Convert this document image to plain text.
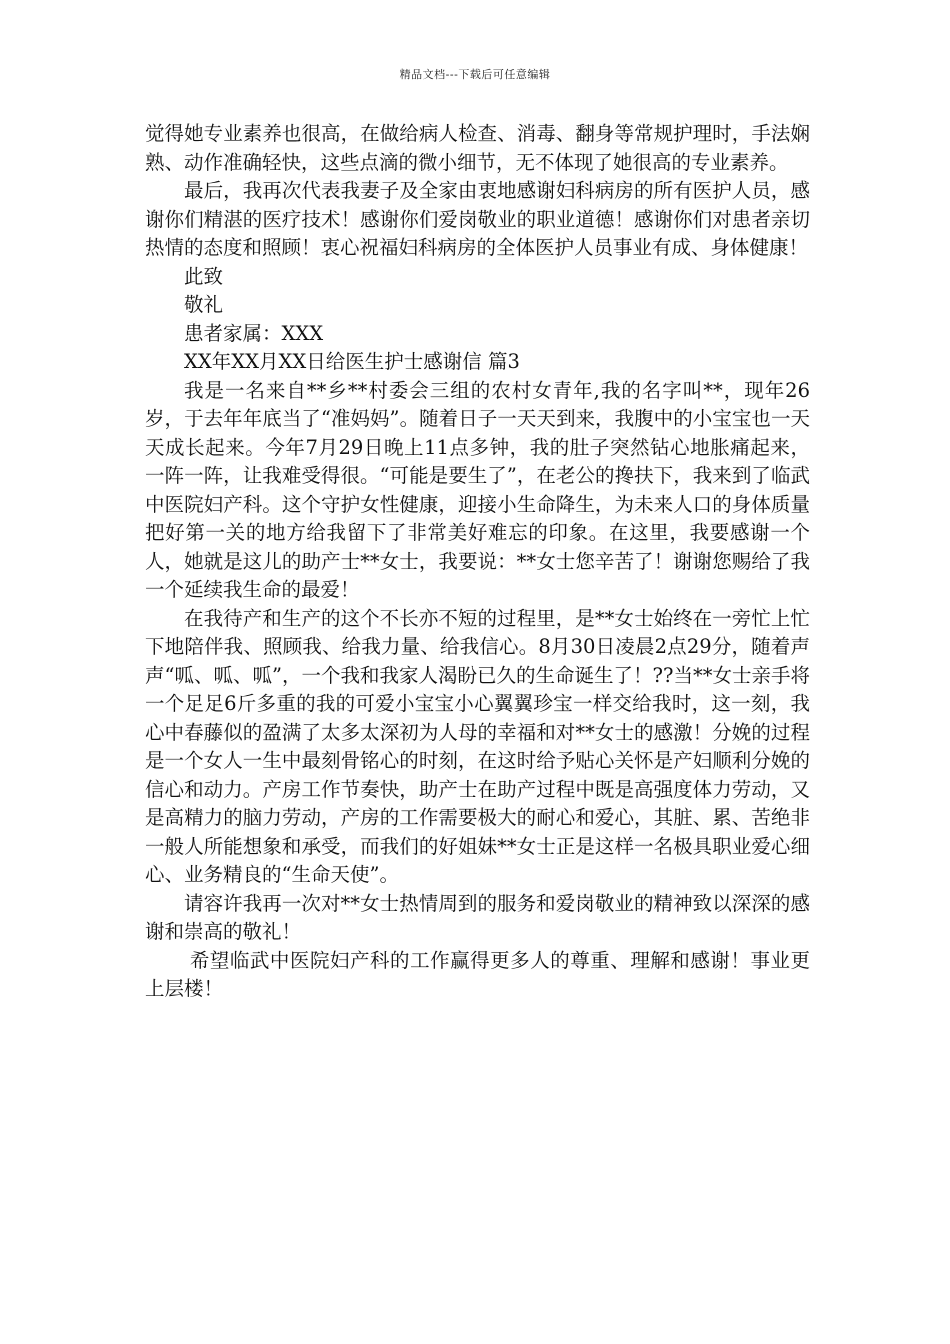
精品文档---下载后可任意编辑

觉得她专业素养也很高，在做给病人检查、消毒、翻身等常规护理时，手法娴熟、动作准确轻快，这些点滴的微小细节，无不体现了她很高的专业素养。

最后，我再次代表我妻子及全家由衷地感谢妇科病房的所有医护人员，感谢你们精湛的医疗技术！感谢你们爱岗敬业的职业道德！感谢你们对患者亲切热情的态度和照顾！衷心祝福妇科病房的全体医护人员事业有成、身体健康！

此致

敬礼

患者家属：XXX

XX年XX月XX日给医生护士感谢信 篇3

我是一名来自**乡**村委会三组的农村女青年,我的名字叫**，现年26岁，于去年年底当了“准妈妈”。随着日子一天天到来，我腹中的小宝宝也一天天成长起来。今年7月29日晚上11点多钟，我的肚子突然钻心地胀痛起来，一阵一阵，让我难受得很。“可能是要生了”，在老公的搀扶下，我来到了临武中医院妇产科。这个守护女性健康，迎接小生命降生，为未来人口的身体质量把好第一关的地方给我留下了非常美好难忘的印象。在这里，我要感谢一个人，她就是这儿的助产士**女士，我要说：**女士您辛苦了！谢谢您赐给了我一个延续我生命的最爱！

在我待产和生产的这个不长亦不短的过程里，是**女士始终在一旁忙上忙下地陪伴我、照顾我、给我力量、给我信心。8月30日凌晨2点29分，随着声声“呱、呱、呱”，一个我和我家人渴盼已久的生命诞生了！??当**女士亲手将一个足足6斤多重的我的可爱小宝宝小心翼翼珍宝一样交给我时，这一刻，我心中春藤似的盈满了太多太深初为人母的幸福和对**女士的感激！分娩的过程是一个女人一生中最刻骨铭心的时刻，在这时给予贴心关怀是产妇顺利分娩的信心和动力。产房工作节奏快，助产士在助产过程中既是高强度体力劳动，又是高精力的脑力劳动，产房的工作需要极大的耐心和爱心，其脏、累、苦绝非一般人所能想象和承受，而我们的好姐妹**女士正是这样一名极具职业爱心细心、业务精良的“生命天使”。

请容许我再一次对**女士热情周到的服务和爱岗敬业的精神致以深深的感谢和崇高的敬礼！

希望临武中医院妇产科的工作赢得更多人的尊重、理解和感谢！事业更上层楼！
